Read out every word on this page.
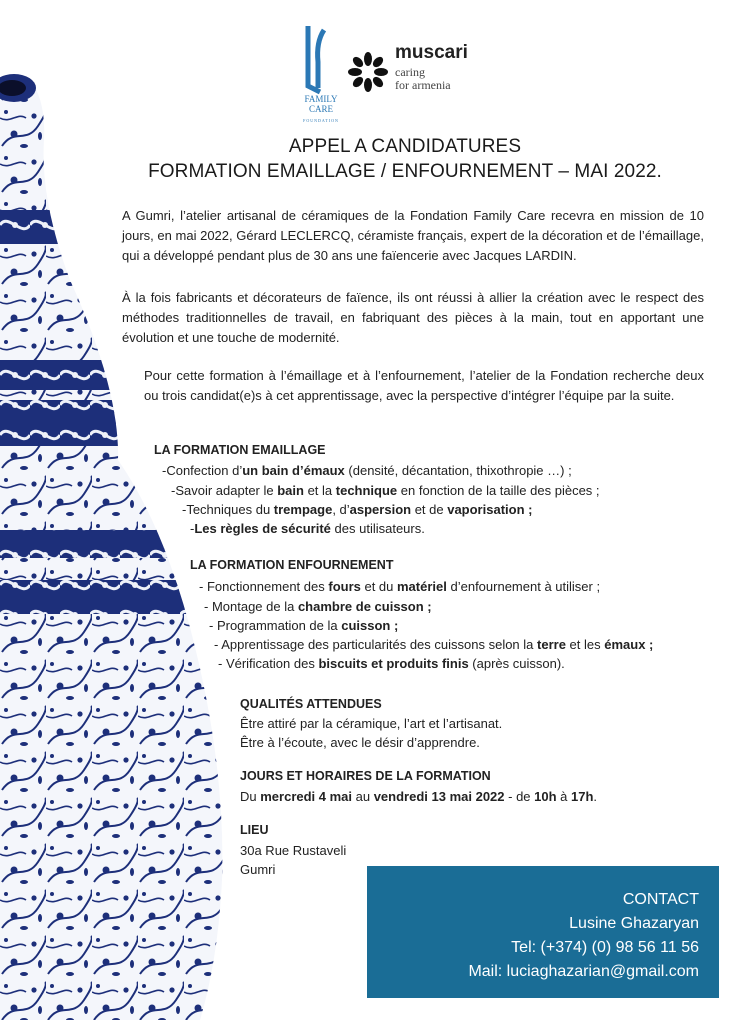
FAMILY CARE
FOUNDATION
muscari
caring
for armenia
APPEL A CANDIDATURES
FORMATION EMAILLAGE / ENFOURNEMENT – MAI 2022.
A Gumri, l’atelier artisanal de céramiques de la Fondation Family Care recevra en mission de 10 jours, en mai 2022, Gérard LECLERCQ, céramiste français, expert de la décoration et de l’émaillage, qui a développé pendant plus de 30 ans une faïencerie avec Jacques LARDIN.
À la fois fabricants et décorateurs de faïence, ils ont réussi à allier la création avec le respect des méthodes traditionnelles de travail, en fabriquant des pièces à la main, tout en apportant une évolution et une touche de modernité.
Pour cette formation à l’émaillage et à l’enfournement, l’atelier de la Fondation recherche deux ou trois candidat(e)s à cet apprentissage, avec la perspective d’intégrer l’équipe par la suite.
LA FORMATION EMAILLAGE
-Confection d’un bain d’émaux (densité, décantation, thixothropie …) ;
-Savoir adapter le bain et la technique en fonction de la taille des pièces ;
-Techniques du trempage, d’aspersion et de vaporisation ;
-Les règles de sécurité des utilisateurs.
LA FORMATION ENFOURNEMENT
- Fonctionnement des fours et du matériel d’enfournement à utiliser ;
- Montage de la chambre de cuisson ;
- Programmation de la cuisson ;
- Apprentissage des particularités des cuissons selon la terre et les émaux ;
- Vérification des biscuits et produits finis (après cuisson).
QUALITÉS ATTENDUES
Être attiré par la céramique, l’art et l’artisanat.
Être à l’écoute, avec le désir d’apprendre.
JOURS ET HORAIRES DE LA FORMATION
Du mercredi 4 mai au vendredi 13 mai 2022 - de 10h à 17h.
LIEU
30a Rue Rustaveli
Gumri
CONTACT
Lusine Ghazaryan
Tel: (+374) (0) 98 56 11 56
Mail: luciaghazarian@gmail.com
